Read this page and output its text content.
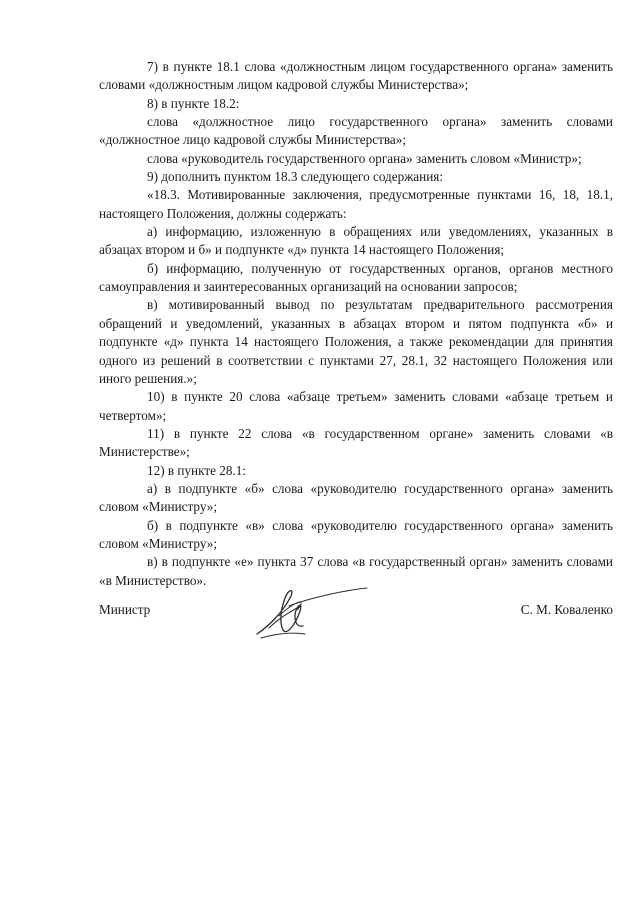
7) в пункте 18.1 слова «должностным лицом государственного органа» заменить словами «должностным лицом кадровой службы Министерства»;

8) в пункте 18.2:

слова «должностное лицо государственного органа» заменить словами «должностное лицо кадровой службы Министерства»;

слова «руководитель государственного органа» заменить словом «Министр»;

9) дополнить пунктом 18.3 следующего содержания:

«18.3. Мотивированные заключения, предусмотренные пунктами 16, 18, 18.1, настоящего Положения, должны содержать:

а) информацию, изложенную в обращениях или уведомлениях, указанных в абзацах втором и б» и подпункте «д» пункта 14 настоящего Положения;

б) информацию, полученную от государственных органов, органов местного самоуправления и заинтересованных организаций на основании запросов;

в) мотивированный вывод по результатам предварительного рассмотрения обращений и уведомлений, указанных в абзацах втором и пятом подпункта «б» и подпункте «д» пункта 14 настоящего Положения, а также рекомендации для принятия одного из решений в соответствии с пунктами 27, 28.1, 32 настоящего Положения или иного решения.»;

10) в пункте 20 слова «абзаце третьем» заменить словами «абзаце третьем и четвертом»;

11) в пункте 22 слова «в государственном органе» заменить словами «в Министерстве»;

12) в пункте 28.1:

а) в подпункте «б» слова «руководителю государственного органа» заменить словом «Министру»;

б) в подпункте «в» слова «руководителю государственного органа» заменить словом «Министру»;

в) в подпункте «е» пункта 37 слова «в государственный орган» заменить словами «в Министерство».

Министр	С. М. Коваленко
